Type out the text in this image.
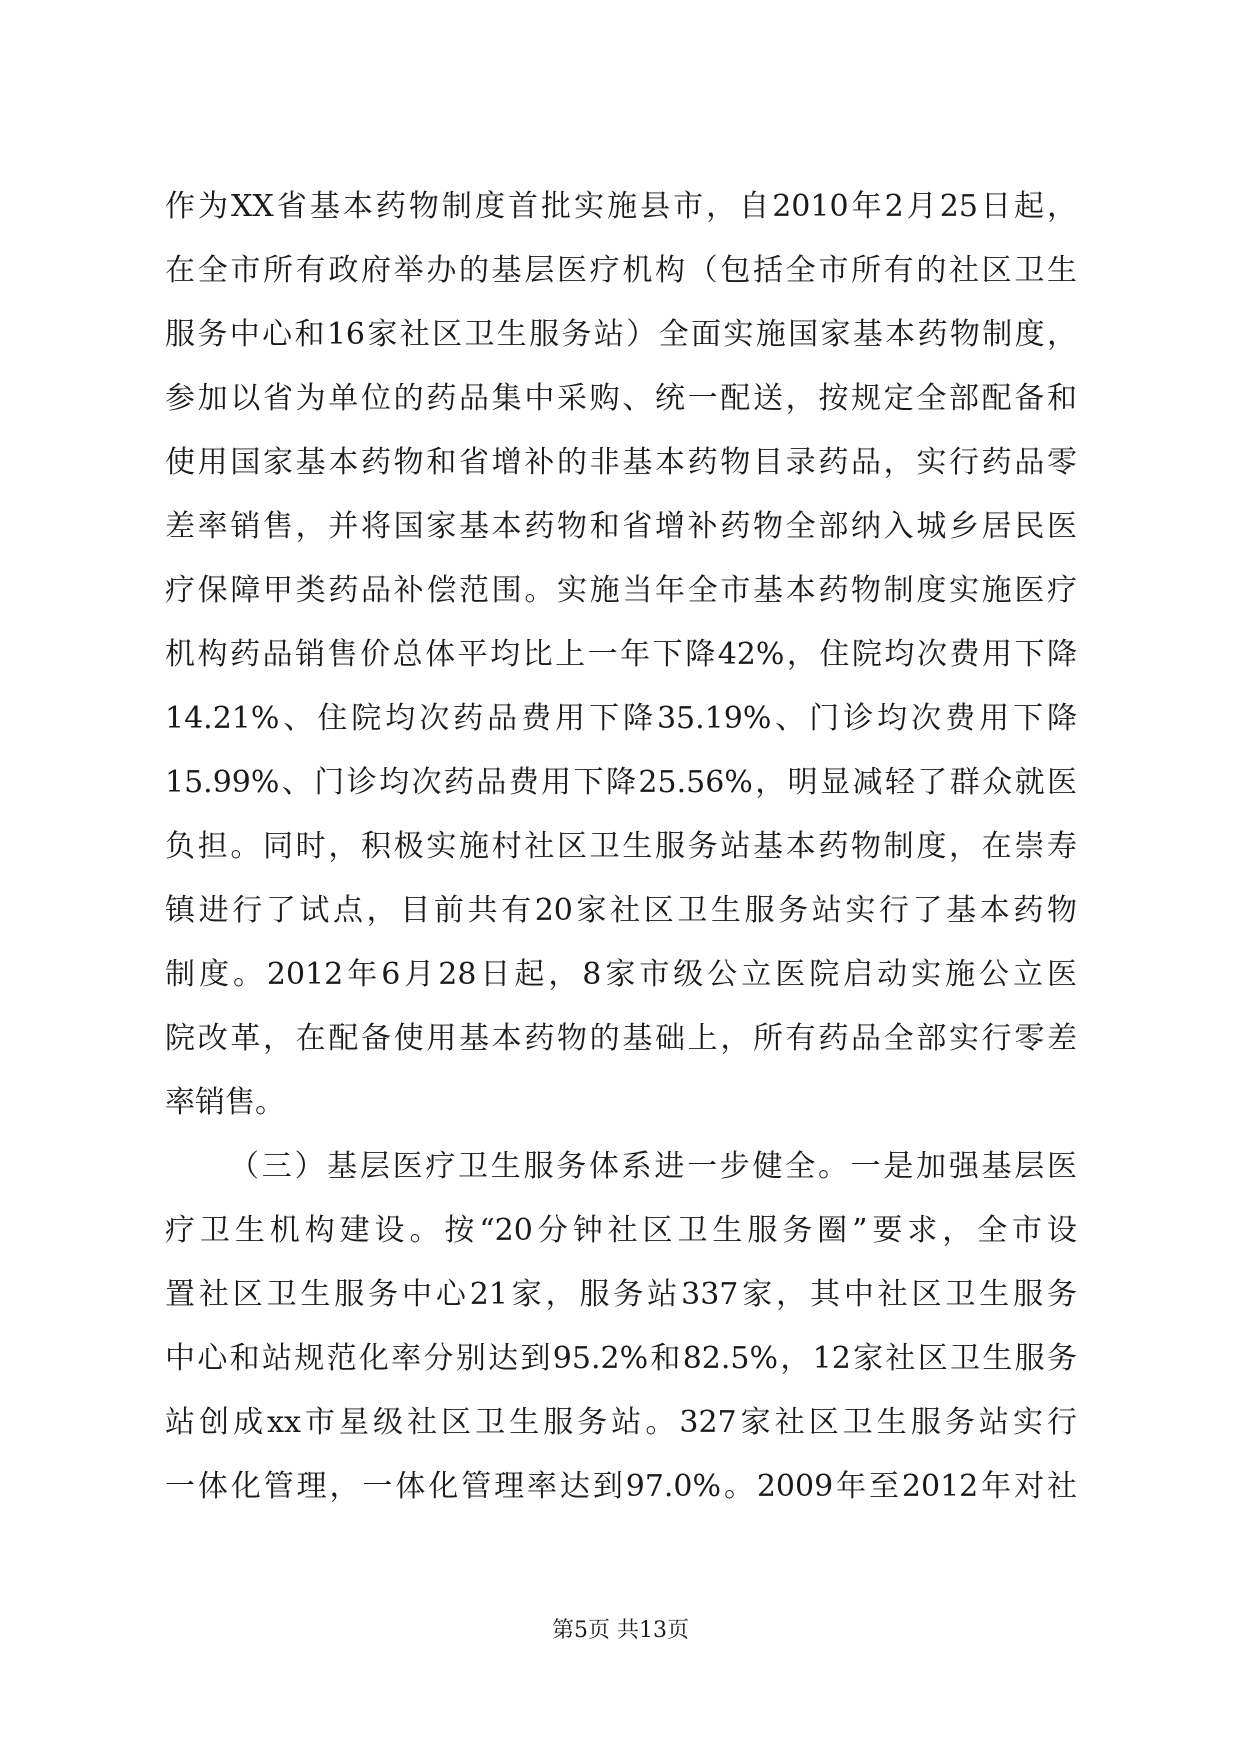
作为XX省基本药物制度首批实施县市，自2010年2月25日起，
在全市所有政府举办的基层医疗机构（包括全市所有的社区卫生
服务中心和16家社区卫生服务站）全面实施国家基本药物制度，
参加以省为单位的药品集中采购、统一配送，按规定全部配备和
使用国家基本药物和省增补的非基本药物目录药品，实行药品零
差率销售，并将国家基本药物和省增补药物全部纳入城乡居民医
疗保障甲类药品补偿范围。实施当年全市基本药物制度实施医疗
机构药品销售价总体平均比上一年下降42%，住院均次费用下降
14.21%、住院均次药品费用下降35.19%、门诊均次费用下降
15.99%、门诊均次药品费用下降25.56%，明显减轻了群众就医
负担。同时，积极实施村社区卫生服务站基本药物制度，在崇寿
镇进行了试点，目前共有20家社区卫生服务站实行了基本药物
制度。2012年6月28日起，8家市级公立医院启动实施公立医
院改革，在配备使用基本药物的基础上，所有药品全部实行零差
率销售。
（三）基层医疗卫生服务体系进一步健全。一是加强基层医
疗卫生机构建设。按“20分钟社区卫生服务圈”要求，全市设
置社区卫生服务中心21家，服务站337家，其中社区卫生服务
中心和站规范化率分别达到95.2%和82.5%，12家社区卫生服务
站创成xx市星级社区卫生服务站。327家社区卫生服务站实行
一体化管理，一体化管理率达到97.0%。2009年至2012年对社
第5页 共13页
